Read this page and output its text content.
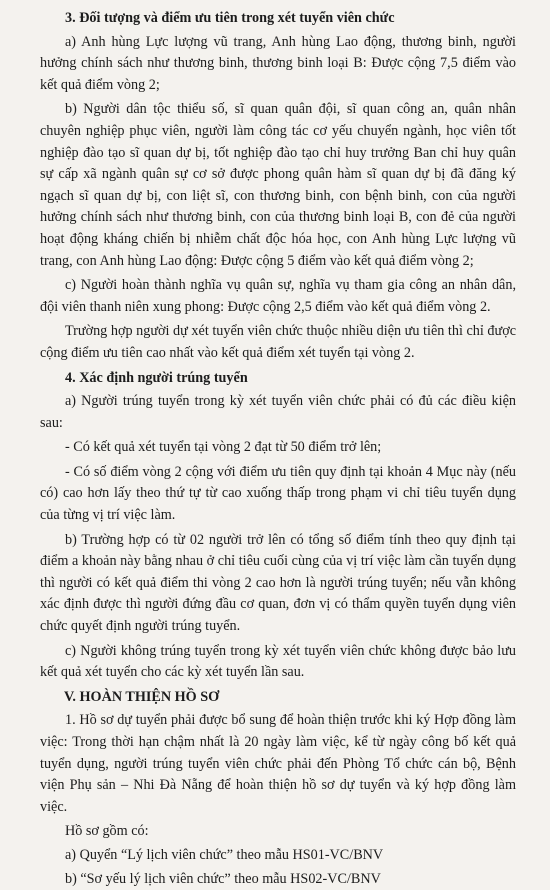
3. Đối tượng và điểm ưu tiên trong xét tuyển viên chức

a) Anh hùng Lực lượng vũ trang, Anh hùng Lao động, thương binh, người hưởng chính sách như thương binh, thương binh loại B: Được cộng 7,5 điểm vào kết quả điểm vòng 2;

b) Người dân tộc thiểu số, sĩ quan quân đội, sĩ quan công an, quân nhân chuyên nghiệp phục viên, người làm công tác cơ yếu chuyển ngành, học viên tốt nghiệp đào tạo sĩ quan dự bị, tốt nghiệp đào tạo chỉ huy trưởng Ban chỉ huy quân sự cấp xã ngành quân sự cơ sở được phong quân hàm sĩ quan dự bị đã đăng ký ngạch sĩ quan dự bị, con liệt sĩ, con thương binh, con bệnh binh, con của người hưởng chính sách như thương binh, con của thương binh loại B, con đẻ của người hoạt động kháng chiến bị nhiễm chất độc hóa học, con Anh hùng Lực lượng vũ trang, con Anh hùng Lao động: Được cộng 5 điểm vào kết quả điểm vòng 2;

c) Người hoàn thành nghĩa vụ quân sự, nghĩa vụ tham gia công an nhân dân, đội viên thanh niên xung phong: Được cộng 2,5 điểm vào kết quả điểm vòng 2.

Trường hợp người dự xét tuyển viên chức thuộc nhiều diện ưu tiên thì chỉ được cộng điểm ưu tiên cao nhất vào kết quả điểm xét tuyển tại vòng 2.

4. Xác định người trúng tuyển

a) Người trúng tuyển trong kỳ xét tuyển viên chức phải có đủ các điều kiện sau:

- Có kết quả xét tuyển tại vòng 2 đạt từ 50 điểm trở lên;

- Có số điểm vòng 2 cộng với điểm ưu tiên quy định tại khoản 4 Mục này (nếu có) cao hơn lấy theo thứ tự từ cao xuống thấp trong phạm vi chỉ tiêu tuyển dụng của từng vị trí việc làm.

b) Trường hợp có từ 02 người trở lên có tổng số điểm tính theo quy định tại điểm a khoản này bằng nhau ở chỉ tiêu cuối cùng của vị trí việc làm cần tuyển dụng thì người có kết quả điểm thi vòng 2 cao hơn là người trúng tuyển; nếu vẫn không xác định được thì người đứng đầu cơ quan, đơn vị có thẩm quyền tuyển dụng viên chức quyết định người trúng tuyển.

c) Người không trúng tuyển trong kỳ xét tuyển viên chức không được bảo lưu kết quả xét tuyển cho các kỳ xét tuyển lần sau.

V. HOÀN THIỆN HỒ SƠ

1. Hồ sơ dự tuyển phải được bổ sung để hoàn thiện trước khi ký Hợp đồng làm việc: Trong thời hạn chậm nhất là 20 ngày làm việc, kể từ ngày công bố kết quả tuyển dụng, người trúng tuyển viên chức phải đến Phòng Tổ chức cán bộ, Bệnh viện Phụ sản – Nhi Đà Nẵng để hoàn thiện hồ sơ dự tuyển và ký hợp đồng làm việc.

Hồ sơ gồm có:

a) Quyển “Lý lịch viên chức” theo mẫu HS01-VC/BNV

b) “Sơ yếu lý lịch viên chức” theo mẫu HS02-VC/BNV
